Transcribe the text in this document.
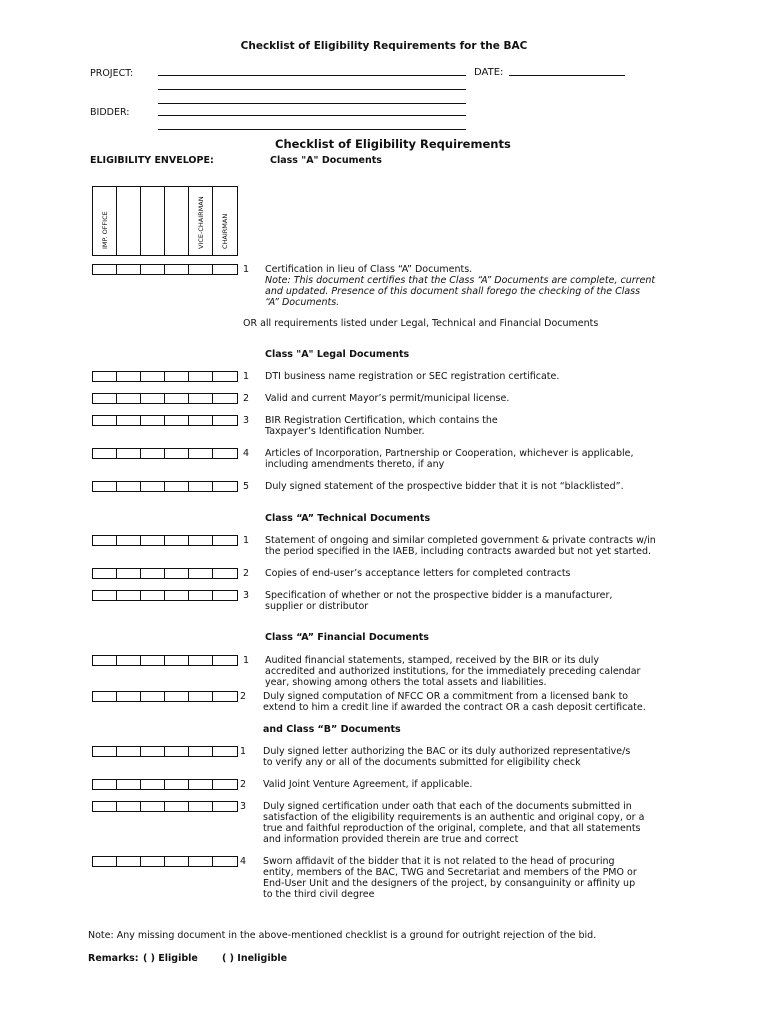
Checklist of Eligibility Requirements for the BAC
PROJECT:	DATE:
BIDDER:
Checklist of Eligibility Requirements
ELIGIBILITY ENVELOPE:	Class "A" Documents
IMP. OFFICE	VICE-CHAIRMAN	CHAIRMAN
1 Certification in lieu of Class “A” Documents.
Note: This document certifies that the Class “A” Documents are complete, current
and updated. Presence of this document shall forego the checking of the Class
“A” Documents.
OR all requirements listed under Legal, Technical and Financial Documents
Class "A" Legal Documents
1 DTI business name registration or SEC registration certificate.
2 Valid and current Mayor’s permit/municipal license.
3 BIR Registration Certification, which contains the
Taxpayer’s Identification Number.
4 Articles of Incorporation, Partnership or Cooperation, whichever is applicable,
including amendments thereto, if any
5 Duly signed statement of the prospective bidder that it is not “blacklisted”.
Class “A” Technical Documents
1 Statement of ongoing and similar completed government & private contracts w/in
the period specified in the IAEB, including contracts awarded but not yet started.
2 Copies of end-user’s acceptance letters for completed contracts
3 Specification of whether or not the prospective bidder is a manufacturer,
supplier or distributor
Class “A” Financial Documents
1 Audited financial statements, stamped, received by the BIR or its duly
accredited and authorized institutions, for the immediately preceding calendar
year, showing among others the total assets and liabilities.
2 Duly signed computation of NFCC OR a commitment from a licensed bank to
extend to him a credit line if awarded the contract OR a cash deposit certificate.
and Class “B” Documents
1 Duly signed letter authorizing the BAC or its duly authorized representative/s
to verify any or all of the documents submitted for eligibility check
2 Valid Joint Venture Agreement, if applicable.
3 Duly signed certification under oath that each of the documents submitted in
satisfaction of the eligibility requirements is an authentic and original copy, or a
true and faithful reproduction of the original, complete, and that all statements
and information provided therein are true and correct
4 Sworn affidavit of the bidder that it is not related to the head of procuring
entity, members of the BAC, TWG and Secretariat and members of the PMO or
End-User Unit and the designers of the project, by consanguinity or affinity up
to the third civil degree
Note: Any missing document in the above-mentioned checklist is a ground for outright rejection of the bid.
Remarks: ( ) Eligible	( ) Ineligible
